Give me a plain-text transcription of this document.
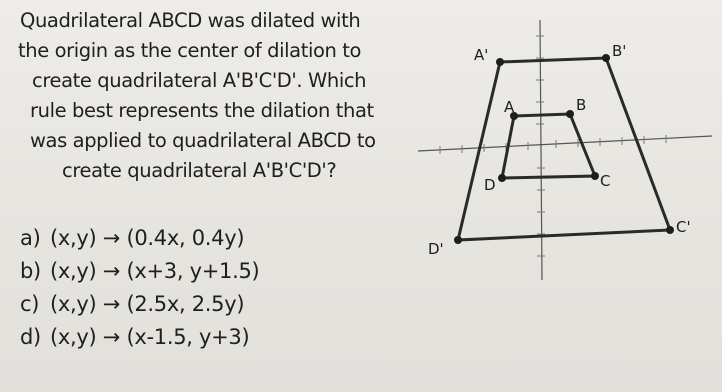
Quadrilateral ABCD was dilated with
the origin as the center of dilation to
create quadrilateral A'B'C'D'. Which
rule best represents the dilation that
was applied to quadrilateral ABCD to
create quadrilateral A'B'C'D'?
a) (x,y) → (0.4x, 0.4y)
b) (x,y) → (x+3, y+1.5)
c) (x,y) → (2.5x, 2.5y)
d) (x,y) → (x-1.5, y+3)
A'	B'
C'
D'
A	B
C
D
